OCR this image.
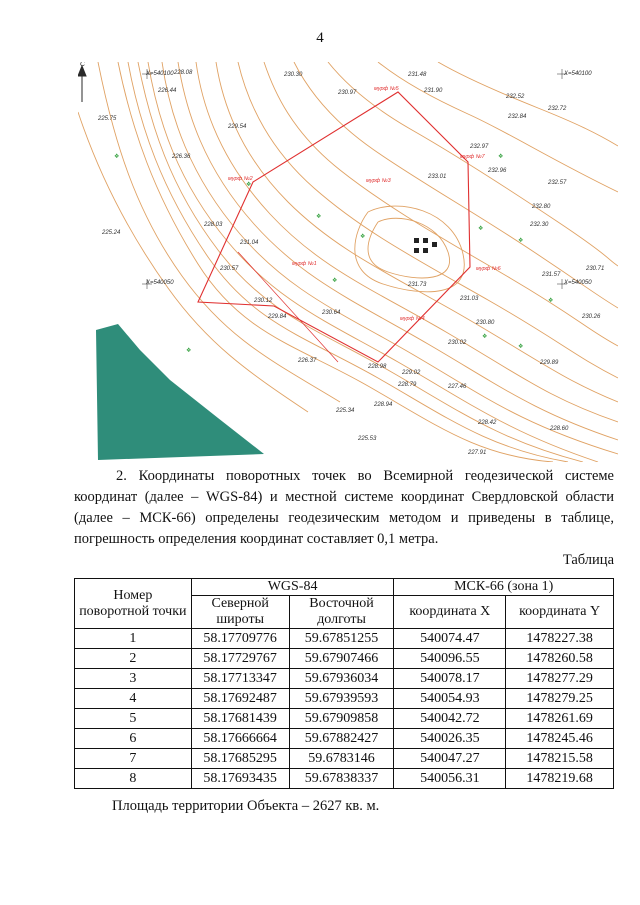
4
С
X=540100
X=540050
X=540100
X=540050
228.08
226.44
225.75
229.54
226.36
230.30
230.97
231.48
231.90
232.52
232.72
232.84
232.97
233.01
232.96
232.57
232.80
232.30
231.57
230.71
230.26
229.89
228.60
228.42
227.91
227.46
229.02
228.79
228.94
225.34
225.53
226.37
228.03
231.04
230.57
230.12
229.84
230.64
230.80
231.73
231.03
230.02
228.98
225.24
мурф №1
мурф №2	мурф №3
мурф №4
мурф №5
мурф №6
мурф №7
❖
❖
❖
❖
❖
❖
❖
❖
❖
❖
❖
❖
2. Координаты поворотных точек во Всемирной геодезической системе координат (далее – WGS-84) и местной системе координат Свердловской области (далее – МСК-66) определены геодезическим методом и приведены в таблице, погрешность определения координат составляет 0,1 метра.
Таблица
Номер поворотной точки	WGS-84		МСК-66 (зона 1)	
	Северной широты	Восточной долготы	координата X	координата Y
1	58.17709776	59.67851255	540074.47	1478227.38
2	58.17729767	59.67907466	540096.55	1478260.58
3	58.17713347	59.67936034	540078.17	1478277.29
4	58.17692487	59.67939593	540054.93	1478279.25
5	58.17681439	59.67909858	540042.72	1478261.69
6	58.17666664	59.67882427	540026.35	1478245.46
7	58.17685295	59.6783146	540047.27	1478215.58
8	58.17693435	59.67838337	540056.31	1478219.68
Площадь территории Объекта – 2627 кв. м.
